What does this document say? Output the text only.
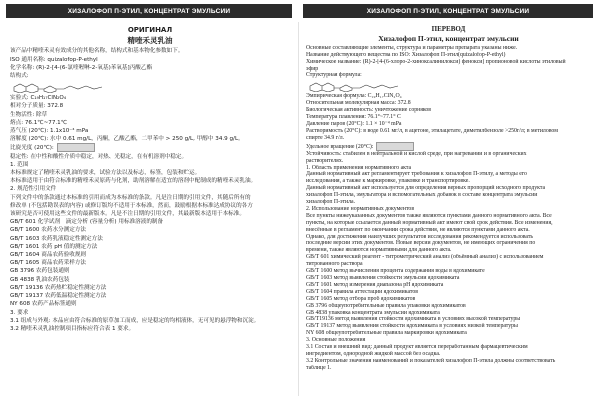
ХИЗАЛОФОП П-ЭТИЛ, КОНЦЕНТРАТ ЭМУЛЬСИИ	ХИЗАЛОФОП П-ЭТИЛ, КОНЦЕНТРАТ ЭМУЛЬСИИ
ОРИГИНАЛ
精喹禾灵乳油
该产品中精喹禾灵有效成分的其他名称，结构式和基本物化参数如下。
ISO 通用名称: quizalofop-P-ethyl
化学名称: (R)-2-[4-(6-氯喹喔啉-2-氧基)苯氧基]丙酸乙酯
结构式:
实验式: C₁₉H₁₇ClN₂O₄
相对分子质量: 372.8
生物活性: 除草
熔点: 76.1℃~77.1℃
蒸气压 (20℃): 1.1x10⁻⁴ mPa
溶解度 (20℃): 水中 0.61 mg/L，丙酮，乙酸乙酯，二甲苯中 > 250 g/L, 甲醇中 34.9 g/L。
比旋光度 (20℃):
稳定性: 在中性和酸性介质中稳定，对热、光稳定，在有机溶剂中稳定。
1. 范围
本标准规定了精喹禾灵乳油的要求，试验方法以及标志，标签，包装和贮运。
本标准适用于由符合标准的精喹禾灵原药与化剂，助剂溶解在适宜的溶剂中配制成的精喹禾灵乳油。
2. 规范性引用文件
下列文件中的条款通过本标准的引用而成为本标准的条款。凡是注日期的引用文件，其随后所有的
修改单 (不包括勘误表的内容) 或修订版均不适用于本标准，然而，鼓励根据本标准达成协议的各方
该研究是否可使用这些文件的最新版本。凡是不注日期的引用文件，其最新版本适用于本标准。
GB/T 601 化学试剂　滴定分析 (容量分析) 用标准溶液的制备
GB/T 1600 农药水分测定方法
GB/T 1603 农药乳液稳定性测定方法
GB/T 1601 农药 pH 值的测定方法
GB/T 1604 商品农药验收规则
GB/T 1605 商品农药采样方法
GB 3796 农药包装通则
GB 4838 乳油农药包装
GB/T 19136 农药热贮稳定性测定方法
GB/T 19137 农药低温稳定性测定方法
NY 608 农药产品标签通则
3. 要求
3.1 组成与外观: 本品应由符合标准的原草加工而成，应是稳定的均相液体，无可见的悬浮物和沉淀。
3.2 精喹禾灵乳油控制项目指标应符合表 1 要求。
ПЕРЕВОД
Хизалофоп П-этил, концентрат эмульсии
Основные составляющие элементы, структура и параметры препарата указаны ниже.
Название действующего вещества по ISO: Хизалофоп П-этил(quizalofop-P-ethyl)
Химическое название: (R)-2-[4-(6-хлоро-2-хиноксалинилокси) фенокси] пропионовой кислоты этиловый
эфир
Структурная формула:
Эмпирическая формула: C₁₉H₁₇ClN₂O₄
Относительная молекулярная масса: 372.8
Биологическая активность: уничтожение сорняков
Температура плавления: 76.1°~77.1° C
Давление паров (20°C): 1.1 × 10⁻⁴ mPa
Растворимость (20°C): в воде 0.61 мг/л, в ацетоне, этилацетате, диметилбензоле >250г/л; в метиловом
спирте 34.9 г/л.
Удельное вращение (20°C):
Устойчивость: стабилен в нейтральной и кислой среде, при нагревании и в органических
растворителях.
1. Область применения нормативного акта
Данный нормативный акт регламентирует требования к хизалофоп П-этилу, а методы его
исследования, а также к маркировке, упаковке и транспортировке.
Данный нормативный акт используется для определения верных пропорций исходного продукта
хизалофоп П-этила, эмульгатора и вспомогательных добавок в составе концентрата эмульсии
хизалофоп П-этила.
2. Использование нормативных документов
Все пункты нижеуказанных документов также являются пунктами данного нормативного акта. Все
пункты, на которые ссылается данный нормативный акт имеют свой срок действия. Все изменения,
внесённые в регламент по окончании срока действия, не являются пунктами данного акта.
Однако, для достижения наилучших результатов исследования рекомендуется использовать
последние версии этих документов. Новые версии документов, не имеющих ограничения по
времени, также являются нормативными для данного акта.
GB/T 601 химический реагент - титрометрический анализ (объёмный анализ) с использованием
титрованного раствора
GB/T 1600 метод вычисления процента содержания воды в ядохимикате
GB/T 1603 метод выявления стойкости эмульсии ядохимиката
GB/T 1601 метод измерения диапазона pH ядохимиката
GB/T 1604 правила аттестации ядохимикатов
GB/T 1605 метод отбора проб ядохимикатов
GB 3796 общеупотребительные правила упаковки ядохимикатов
GB 4838 упаковка концентрата эмульсии ядохимиката
GB/T19136 метод выявления стойкости ядохимиката в условиях высокой температуры
GB/T 19137 метод выявления стойкости ядохимиката в условиях низкой температуры
NY 608 общеупотребительные правила маркировки ядохимиката
3. Основные положения
3.1 Состав и внешний вид: данный продукт является переработанным фармацевтическим
ингредиентом, однородной жидкой массой без осадка.
3.2 Контрольные значения наименований и показателей хизалофоп П-этила должны соответствовать
таблице 1.
